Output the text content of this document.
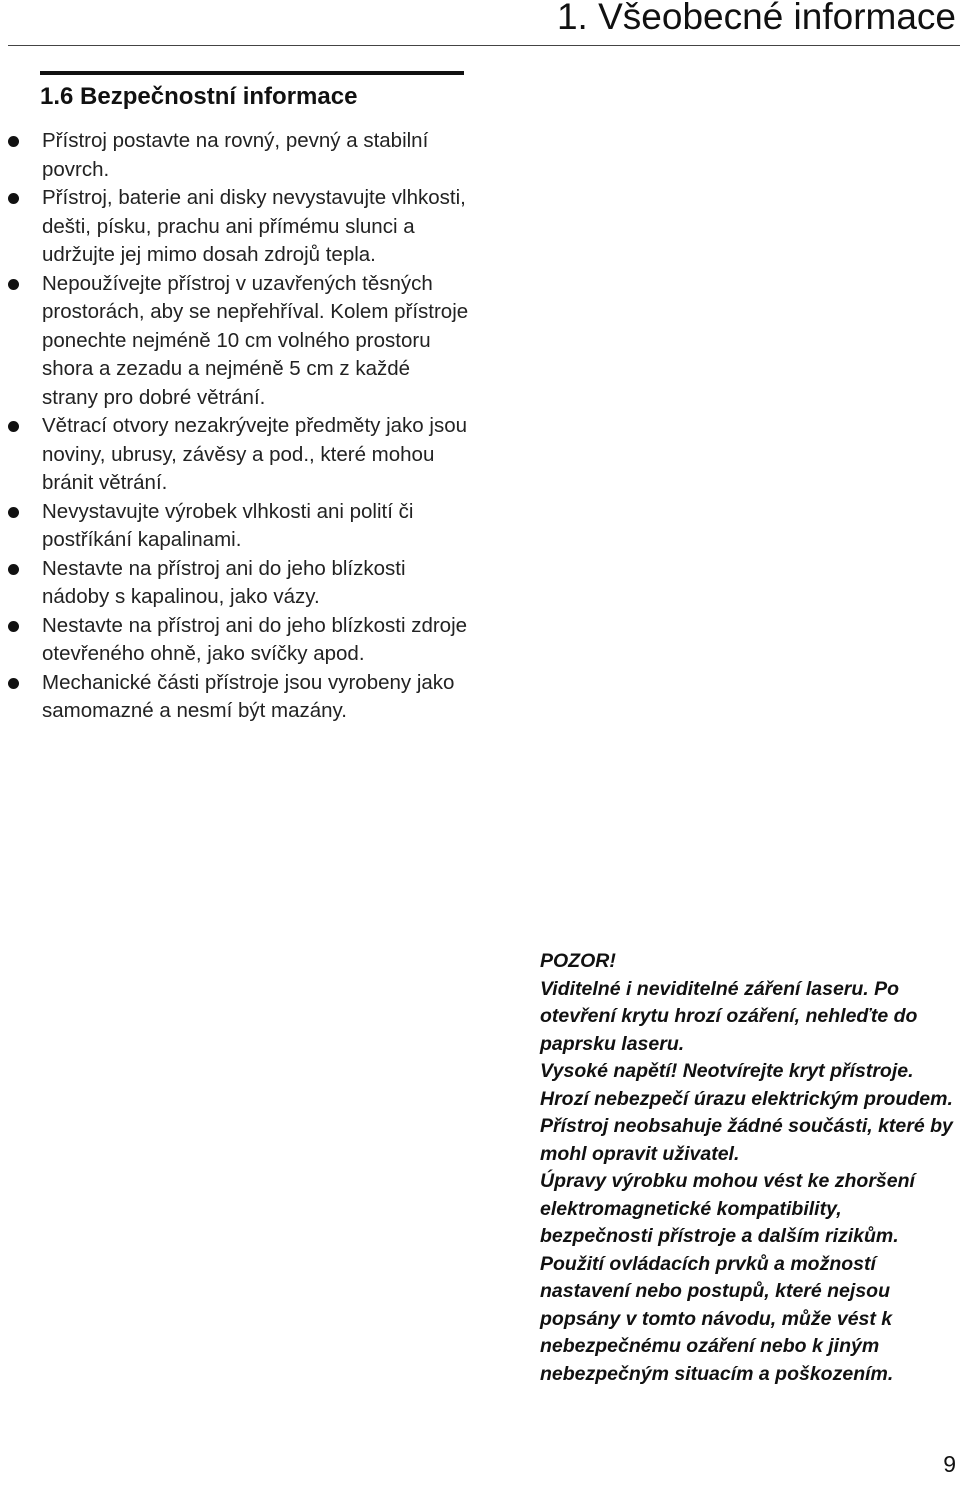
1. Všeobecné informace
1.6 Bezpečnostní informace
Přístroj postavte na rovný, pevný a stabilní povrch.
Přístroj, baterie ani disky nevystavujte vlhkosti, dešti, písku, prachu ani přímému slunci a udržujte jej mimo dosah zdrojů tepla.
Nepoužívejte přístroj v uzavřených těsných prostorách, aby se nepřehříval. Kolem přístroje ponechte nejméně 10 cm volného prostoru shora a zezadu a nejméně 5 cm z každé strany pro dobré větrání.
Větrací otvory nezakrývejte předměty jako jsou noviny, ubrusy, závěsy a pod., které mohou bránit větrání.
Nevystavujte výrobek vlhkosti ani polití či postříkání kapalinami.
Nestavte na přístroj ani do jeho blízkosti nádoby s kapalinou, jako vázy.
Nestavte na přístroj ani do jeho blízkosti zdroje otevřeného ohně, jako svíčky apod.
Mechanické části přístroje jsou vyrobeny jako samomazné a nesmí být mazány.
POZOR!
Viditelné i neviditelné záření laseru. Po otevření krytu hrozí ozáření, nehleďte do paprsku laseru.
Vysoké napětí! Neotvírejte kryt přístroje. Hrozí nebezpečí úrazu elektrickým proudem.
Přístroj neobsahuje žádné součásti, které by mohl opravit uživatel.
Úpravy výrobku mohou vést ke zhoršení elektromagnetické kompatibility, bezpečnosti přístroje a dalším rizikům.
Použití ovládacích prvků a možností nastavení nebo postupů, které nejsou popsány v tomto návodu, může vést k nebezpečnému ozáření nebo k jiným nebezpečným situacím a poškozením.
9
